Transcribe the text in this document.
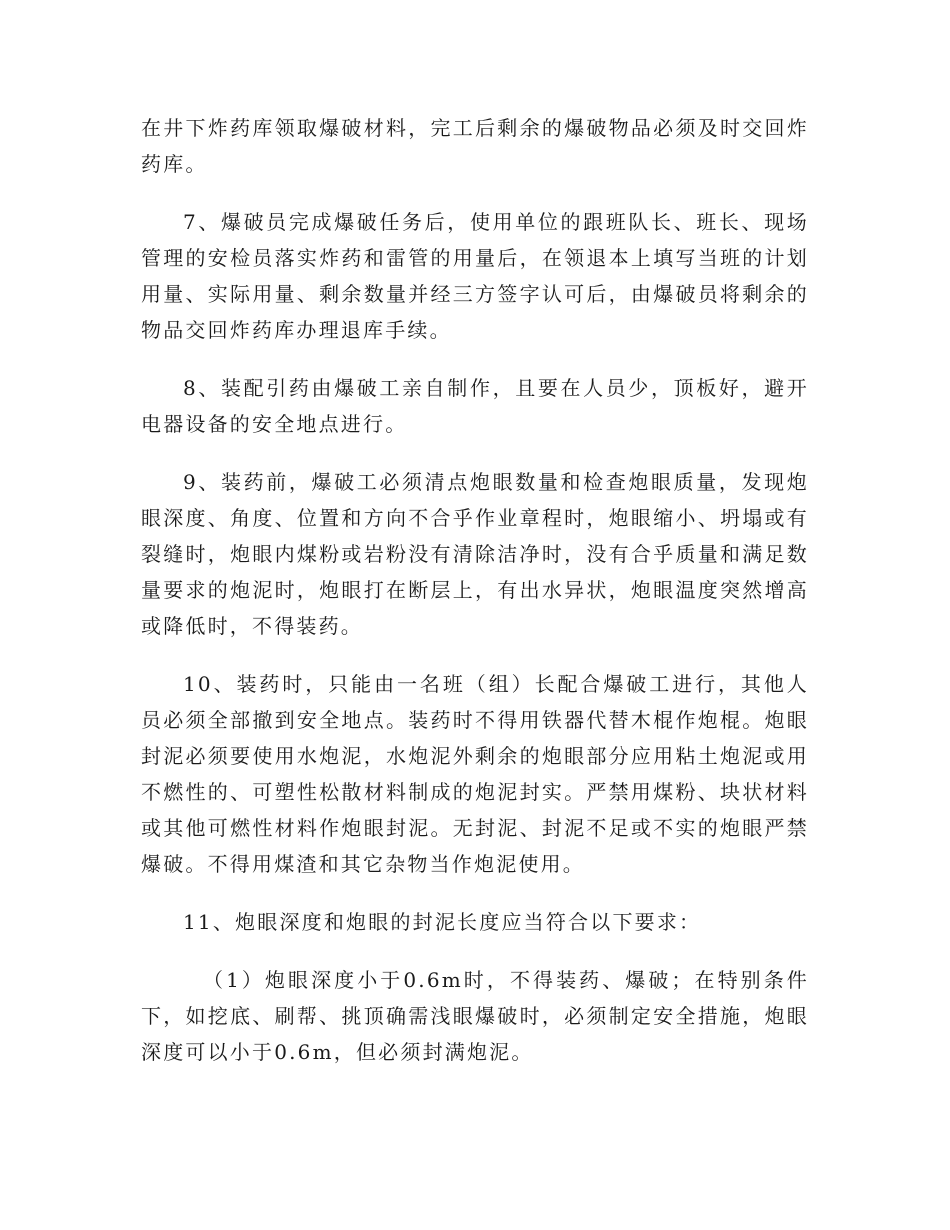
在井下炸药库领取爆破材料，完工后剩余的爆破物品必须及时交回炸药库。

7、爆破员完成爆破任务后，使用单位的跟班队长、班长、现场管理的安检员落实炸药和雷管的用量后，在领退本上填写当班的计划用量、实际用量、剩余数量并经三方签字认可后，由爆破员将剩余的物品交回炸药库办理退库手续。

8、装配引药由爆破工亲自制作，且要在人员少，顶板好，避开电器设备的安全地点进行。

9、装药前，爆破工必须清点炮眼数量和检查炮眼质量，发现炮眼深度、角度、位置和方向不合乎作业章程时，炮眼缩小、坍塌或有裂缝时，炮眼内煤粉或岩粉没有清除洁净时，没有合乎质量和满足数量要求的炮泥时，炮眼打在断层上，有出水异状，炮眼温度突然增高或降低时，不得装药。

10、装药时，只能由一名班（组）长配合爆破工进行，其他人员必须全部撤到安全地点。装药时不得用铁器代替木棍作炮棍。炮眼封泥必须要使用水炮泥，水炮泥外剩余的炮眼部分应用粘土炮泥或用不燃性的、可塑性松散材料制成的炮泥封实。严禁用煤粉、块状材料或其他可燃性材料作炮眼封泥。无封泥、封泥不足或不实的炮眼严禁爆破。不得用煤渣和其它杂物当作炮泥使用。

11、炮眼深度和炮眼的封泥长度应当符合以下要求：

（1）炮眼深度小于0.6m时，不得装药、爆破；在特别条件下，如挖底、刷帮、挑顶确需浅眼爆破时，必须制定安全措施，炮眼深度可以小于0.6m，但必须封满炮泥。
